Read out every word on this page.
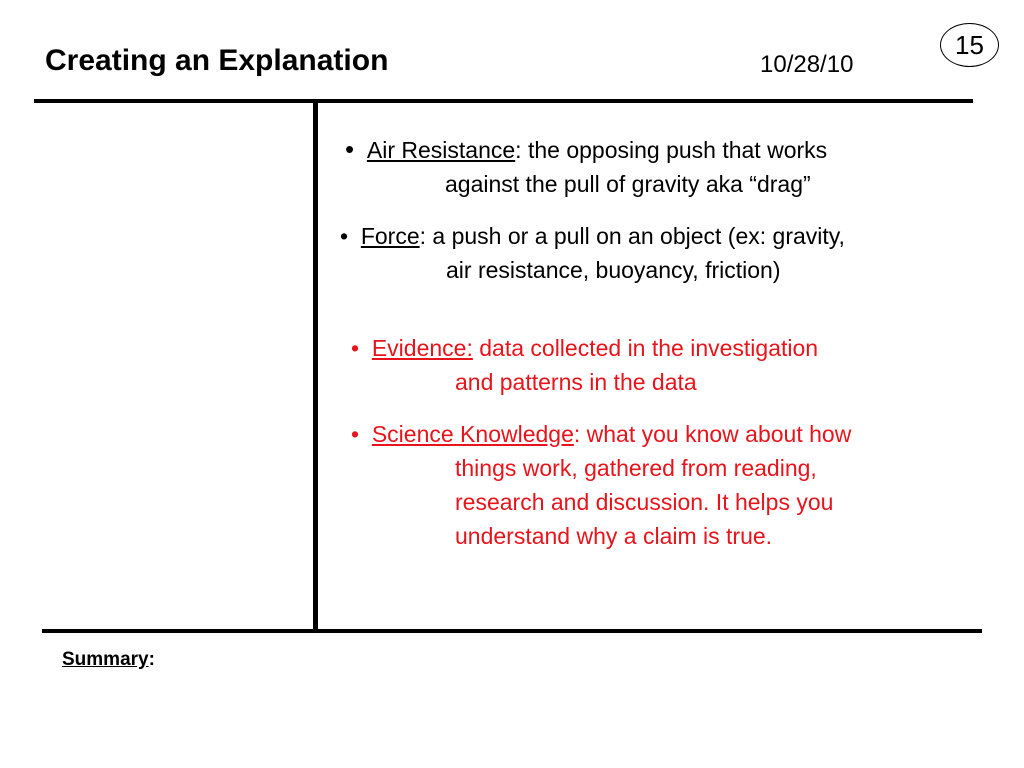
Creating an Explanation	10/28/10
15
• Air Resistance: the opposing push that works
against the pull of gravity aka “drag”
• Force: a push or a pull on an object (ex: gravity,
air resistance, buoyancy, friction)
• Evidence: data collected in the investigation
and patterns in the data
• Science Knowledge: what you know about how
things work, gathered from reading,
research and discussion. It helps you
understand why a claim is true.
Summary:
